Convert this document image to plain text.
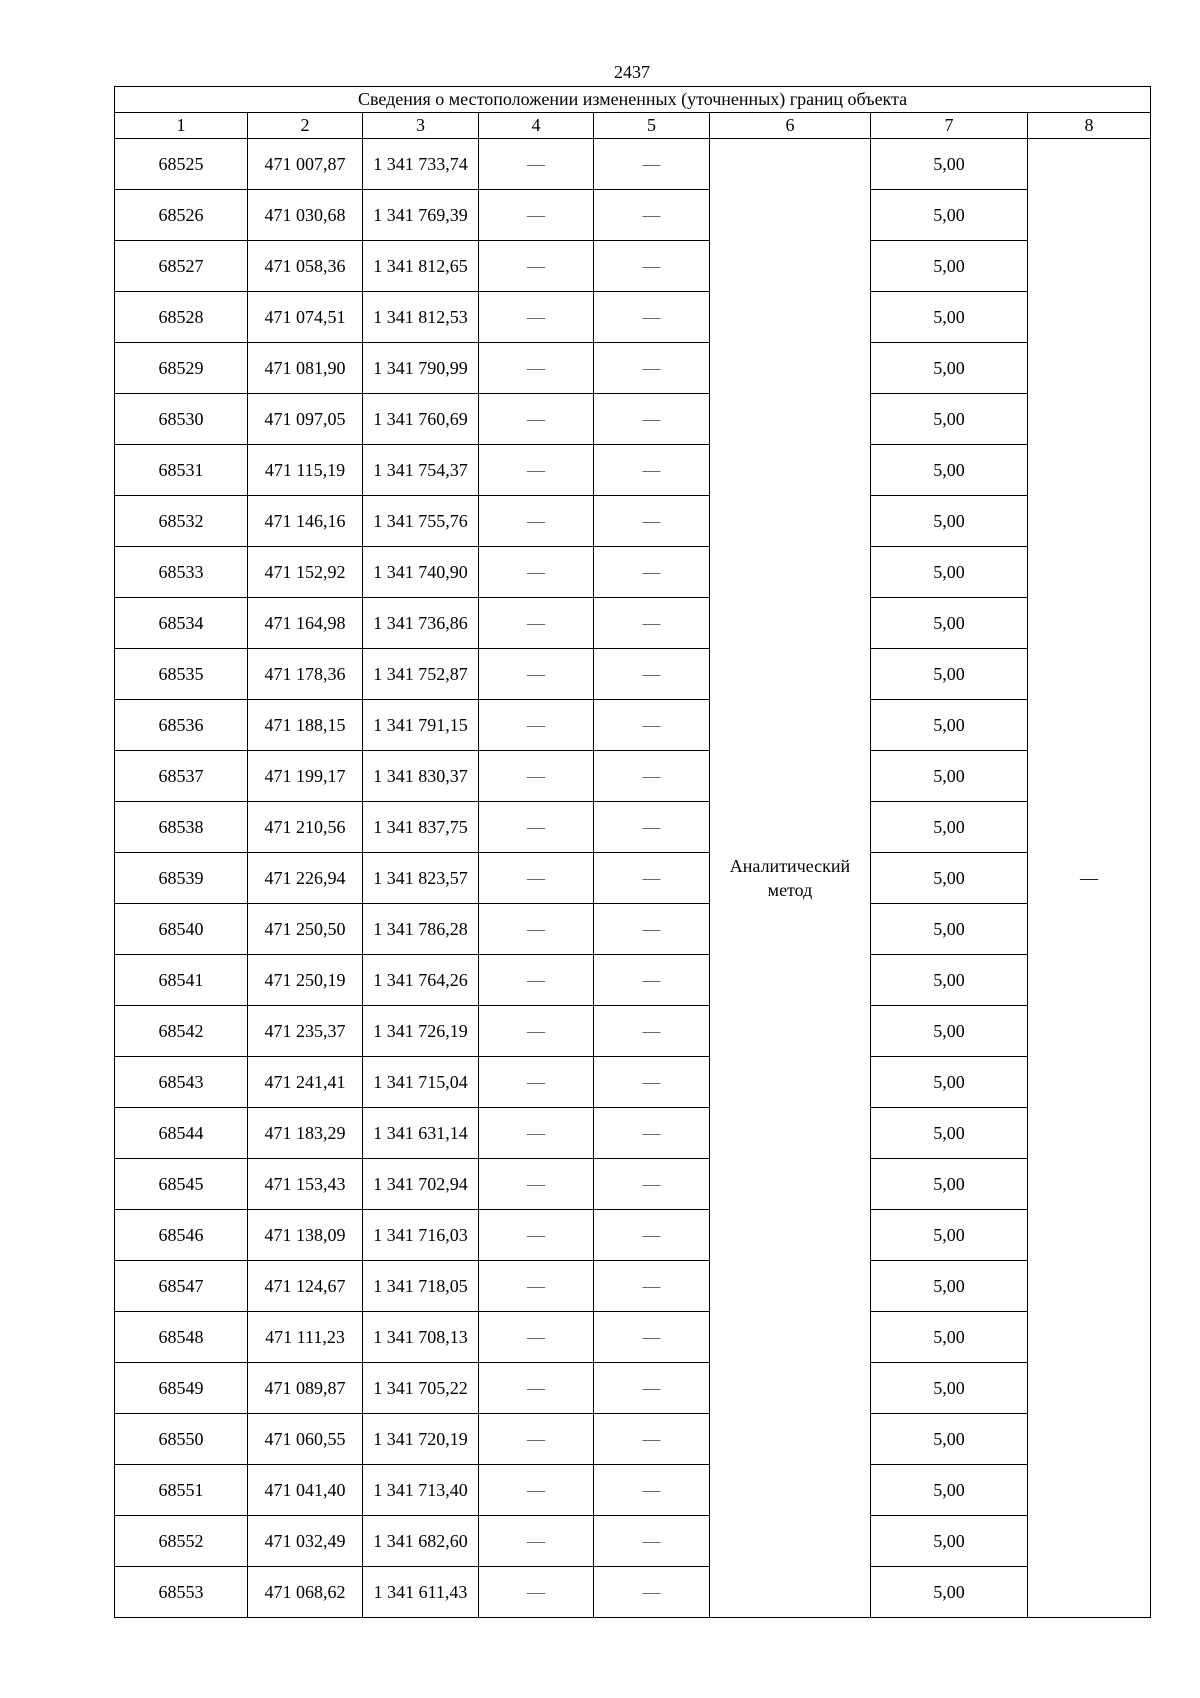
2437
Сведения о местоположении измененных (уточненных) границ объекта							
1	2	3	4	5	6	7	8
68525	471 007,87	1 341 733,74	—	—	Аналитический метод	5,00	—
68526	471 030,68	1 341 769,39	—	—		5,00	
68527	471 058,36	1 341 812,65	—	—		5,00	
68528	471 074,51	1 341 812,53	—	—		5,00	
68529	471 081,90	1 341 790,99	—	—		5,00	
68530	471 097,05	1 341 760,69	—	—		5,00	
68531	471 115,19	1 341 754,37	—	—		5,00	
68532	471 146,16	1 341 755,76	—	—		5,00	
68533	471 152,92	1 341 740,90	—	—		5,00	
68534	471 164,98	1 341 736,86	—	—		5,00	
68535	471 178,36	1 341 752,87	—	—		5,00	
68536	471 188,15	1 341 791,15	—	—		5,00	
68537	471 199,17	1 341 830,37	—	—		5,00	
68538	471 210,56	1 341 837,75	—	—		5,00	
68539	471 226,94	1 341 823,57	—	—		5,00	
68540	471 250,50	1 341 786,28	—	—		5,00	
68541	471 250,19	1 341 764,26	—	—		5,00	
68542	471 235,37	1 341 726,19	—	—		5,00	
68543	471 241,41	1 341 715,04	—	—		5,00	
68544	471 183,29	1 341 631,14	—	—		5,00	
68545	471 153,43	1 341 702,94	—	—		5,00	
68546	471 138,09	1 341 716,03	—	—		5,00	
68547	471 124,67	1 341 718,05	—	—		5,00	
68548	471 111,23	1 341 708,13	—	—		5,00	
68549	471 089,87	1 341 705,22	—	—		5,00	
68550	471 060,55	1 341 720,19	—	—		5,00	
68551	471 041,40	1 341 713,40	—	—		5,00	
68552	471 032,49	1 341 682,60	—	—		5,00	
68553	471 068,62	1 341 611,43	—	—		5,00	
